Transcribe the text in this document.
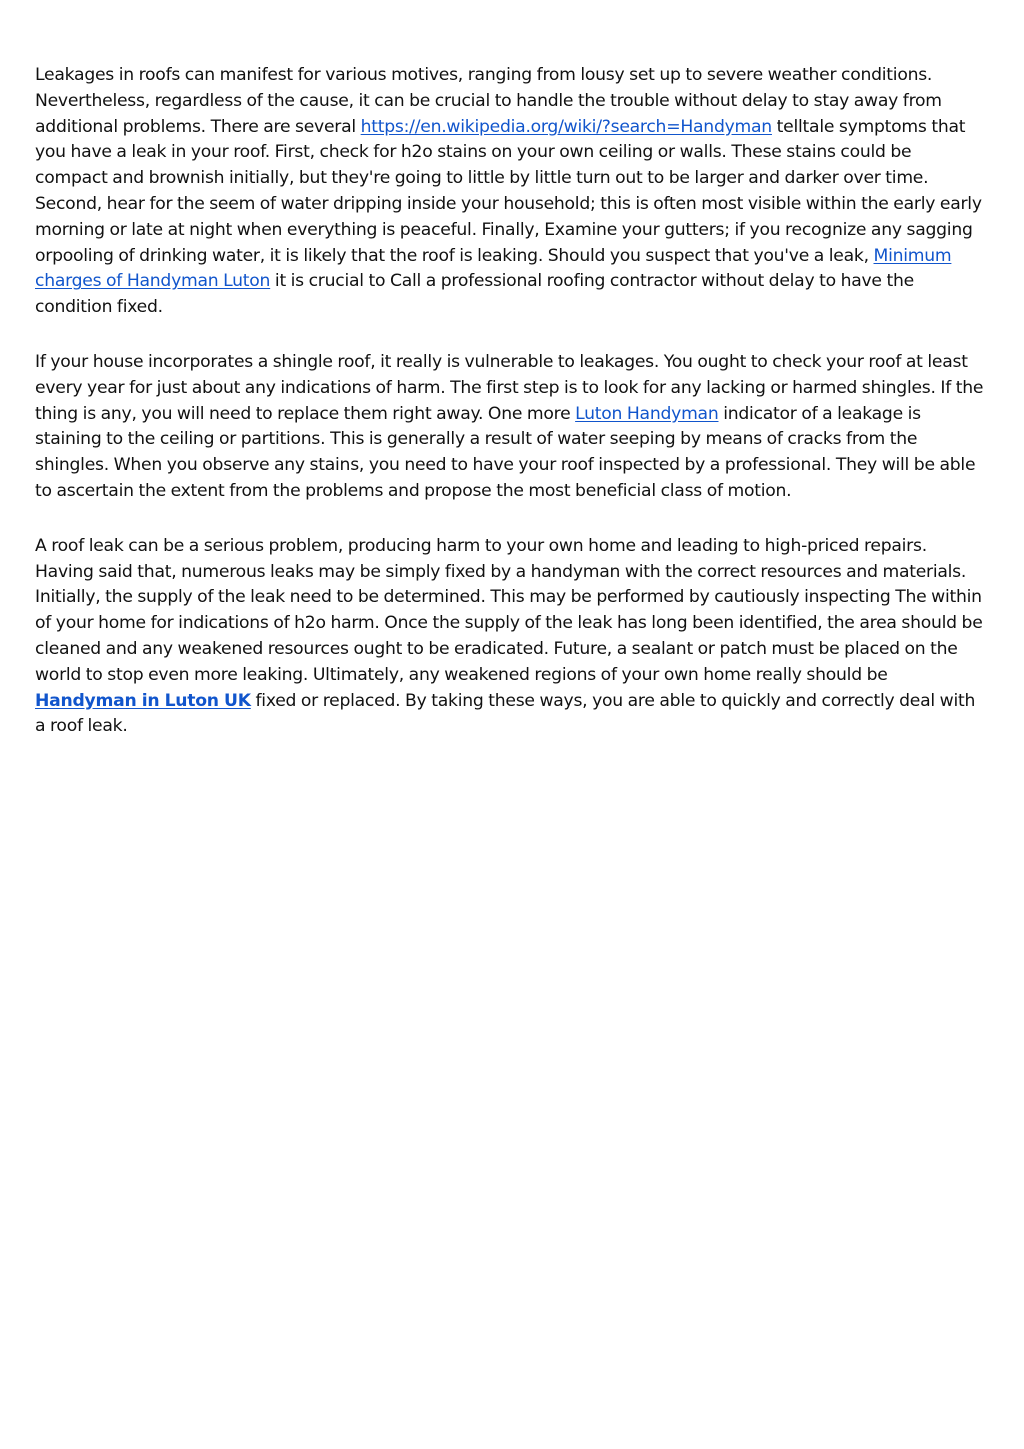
Leakages in roofs can manifest for various motives, ranging from lousy set up to severe weather conditions. Nevertheless, regardless of the cause, it can be crucial to handle the trouble without delay to stay away from additional problems. There are several https://en.wikipedia.org/wiki/?search=Handyman telltale symptoms that you have a leak in your roof. First, check for h2o stains on your own ceiling or walls. These stains could be compact and brownish initially, but they're going to little by little turn out to be larger and darker over time. Second, hear for the seem of water dripping inside your household; this is often most visible within the early early morning or late at night when everything is peaceful. Finally, Examine your gutters; if you recognize any sagging orpooling of drinking water, it is likely that the roof is leaking. Should you suspect that you've a leak, Minimum charges of Handyman Luton it is crucial to Call a professional roofing contractor without delay to have the condition fixed.

If your house incorporates a shingle roof, it really is vulnerable to leakages. You ought to check your roof at least every year for just about any indications of harm. The first step is to look for any lacking or harmed shingles. If the thing is any, you will need to replace them right away. One more Luton Handyman indicator of a leakage is staining to the ceiling or partitions. This is generally a result of water seeping by means of cracks from the shingles. When you observe any stains, you need to have your roof inspected by a professional. They will be able to ascertain the extent from the problems and propose the most beneficial class of motion.

A roof leak can be a serious problem, producing harm to your own home and leading to high-priced repairs. Having said that, numerous leaks may be simply fixed by a handyman with the correct resources and materials. Initially, the supply of the leak need to be determined. This may be performed by cautiously inspecting The within of your home for indications of h2o harm. Once the supply of the leak has long been identified, the area should be cleaned and any weakened resources ought to be eradicated. Future, a sealant or patch must be placed on the world to stop even more leaking. Ultimately, any weakened regions of your own home really should be Handyman in Luton UK fixed or replaced. By taking these ways, you are able to quickly and correctly deal with a roof leak.
